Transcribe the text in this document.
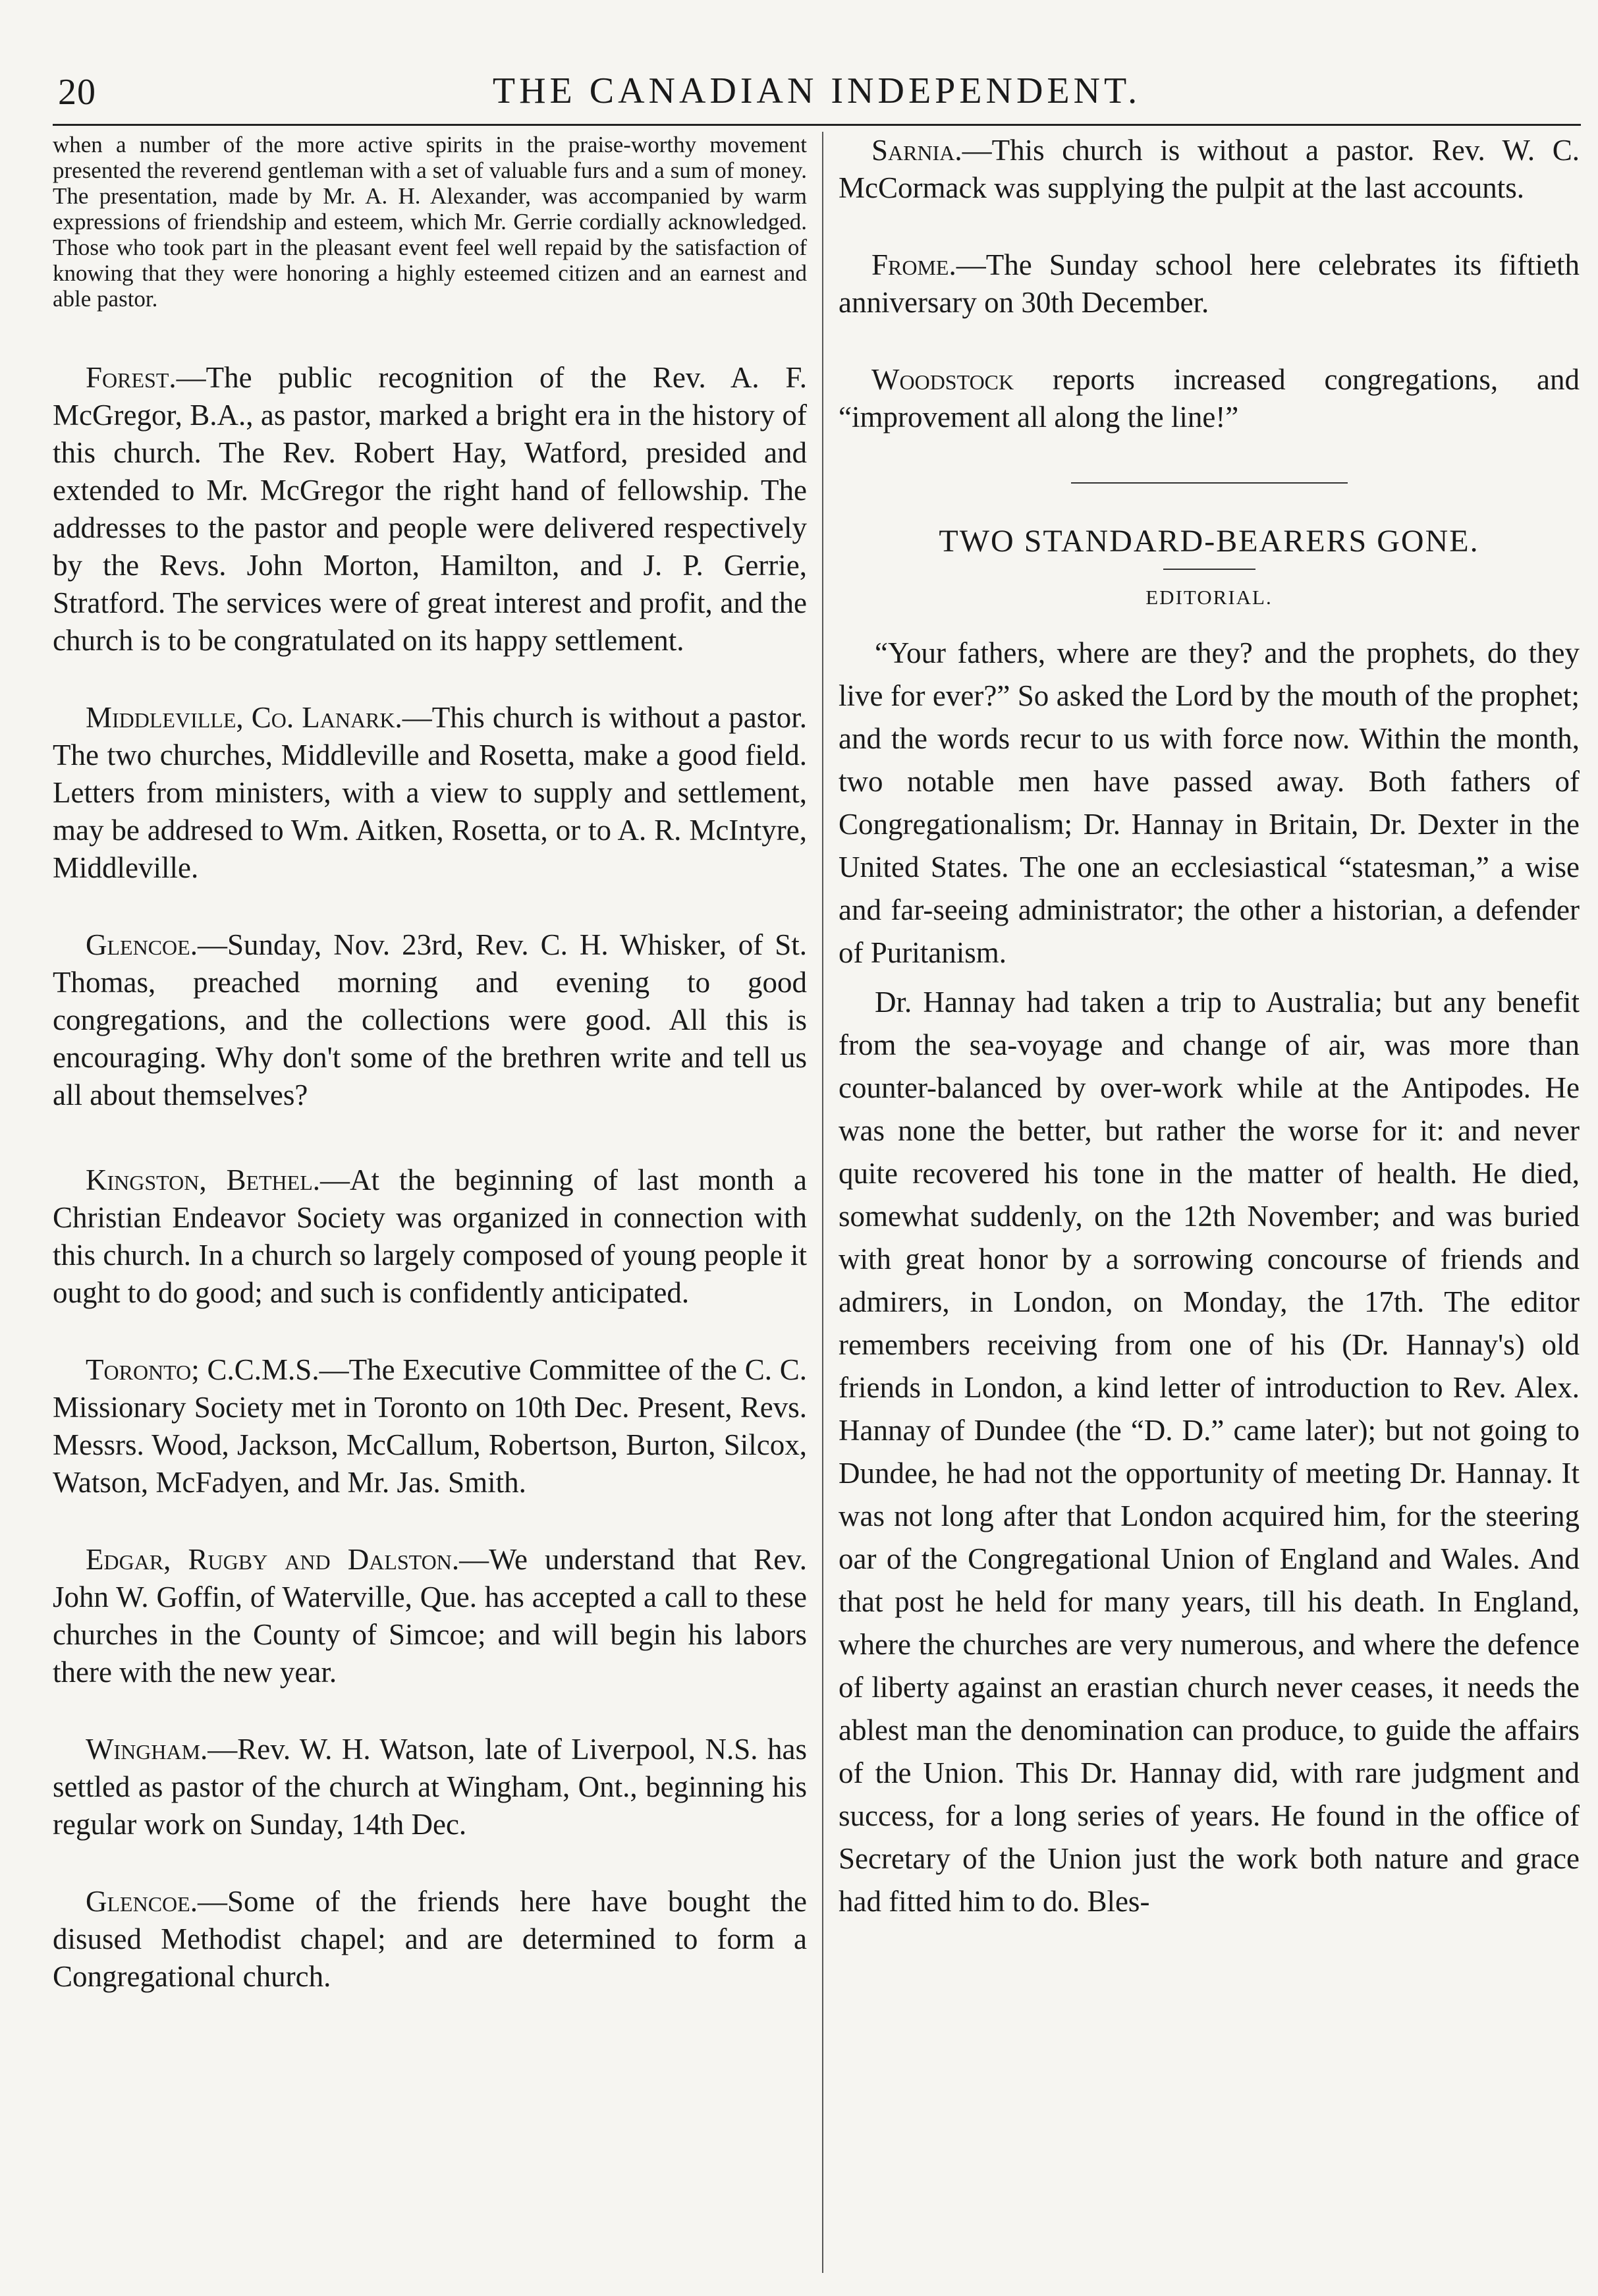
20	THE CANADIAN INDEPENDENT.

when a number of the more active spirits in the praise-worthy movement presented the reverend gentleman with a set of valuable furs and a sum of money. The presentation, made by Mr. A. H. Alexander, was accompanied by warm expressions of friendship and esteem, which Mr. Gerrie cordially acknowledged. Those who took part in the pleasant event feel well repaid by the satisfaction of knowing that they were honoring a highly esteemed citizen and an earnest and able pastor.

Forest.—The public recognition of the Rev. A. F. McGregor, B.A., as pastor, marked a bright era in the history of this church. The Rev. Robert Hay, Watford, presided and extended to Mr. McGregor the right hand of fellowship. The addresses to the pastor and people were delivered respectively by the Revs. John Morton, Hamilton, and J. P. Gerrie, Stratford. The services were of great interest and profit, and the church is to be congratulated on its happy settlement.

Middleville, Co. Lanark.—This church is without a pastor. The two churches, Middleville and Rosetta, make a good field. Letters from ministers, with a view to supply and settlement, may be addresed to Wm. Aitken, Rosetta, or to A. R. McIntyre, Middleville.

Glencoe.—Sunday, Nov. 23rd, Rev. C. H. Whisker, of St. Thomas, preached morning and evening to good congregations, and the collections were good. All this is encouraging. Why don't some of the brethren write and tell us all about themselves?

Kingston, Bethel.—At the beginning of last month a Christian Endeavor Society was organized in connection with this church. In a church so largely composed of young people it ought to do good; and such is confidently anticipated.

Toronto; C.C.M.S.—The Executive Committee of the C. C. Missionary Society met in Toronto on 10th Dec. Present, Revs. Messrs. Wood, Jackson, McCallum, Robertson, Burton, Silcox, Watson, McFadyen, and Mr. Jas. Smith.

Edgar, Rugby and Dalston.—We understand that Rev. John W. Goffin, of Waterville, Que. has accepted a call to these churches in the County of Simcoe; and will begin his labors there with the new year.

Wingham.—Rev. W. H. Watson, late of Liverpool, N.S. has settled as pastor of the church at Wingham, Ont., beginning his regular work on Sunday, 14th Dec.

Glencoe.—Some of the friends here have bought the disused Methodist chapel; and are determined to form a Congregational church.

Sarnia.—This church is without a pastor. Rev. W. C. McCormack was supplying the pulpit at the last accounts.

Frome.—The Sunday school here celebrates its fiftieth anniversary on 30th December.

Woodstock reports increased congregations, and “improvement all along the line!”

TWO STANDARD-BEARERS GONE.
EDITORIAL.

“Your fathers, where are they? and the prophets, do they live for ever?” So asked the Lord by the mouth of the prophet; and the words recur to us with force now. Within the month, two notable men have passed away. Both fathers of Congregationalism; Dr. Hannay in Britain, Dr. Dexter in the United States. The one an ecclesiastical “statesman,” a wise and far-seeing administrator; the other a historian, a defender of Puritanism.

Dr. Hannay had taken a trip to Australia; but any benefit from the sea-voyage and change of air, was more than counter-balanced by over-work while at the Antipodes. He was none the better, but rather the worse for it: and never quite recovered his tone in the matter of health. He died, somewhat suddenly, on the 12th November; and was buried with great honor by a sorrowing concourse of friends and admirers, in London, on Monday, the 17th. The editor remembers receiving from one of his (Dr. Hannay's) old friends in London, a kind letter of introduction to Rev. Alex. Hannay of Dundee (the “D. D.” came later); but not going to Dundee, he had not the opportunity of meeting Dr. Hannay. It was not long after that London acquired him, for the steering oar of the Congregational Union of England and Wales. And that post he held for many years, till his death. In England, where the churches are very numerous, and where the defence of liberty against an erastian church never ceases, it needs the ablest man the denomination can produce, to guide the affairs of the Union. This Dr. Hannay did, with rare judgment and success, for a long series of years. He found in the office of Secretary of the Union just the work both nature and grace had fitted him to do. Bles-
